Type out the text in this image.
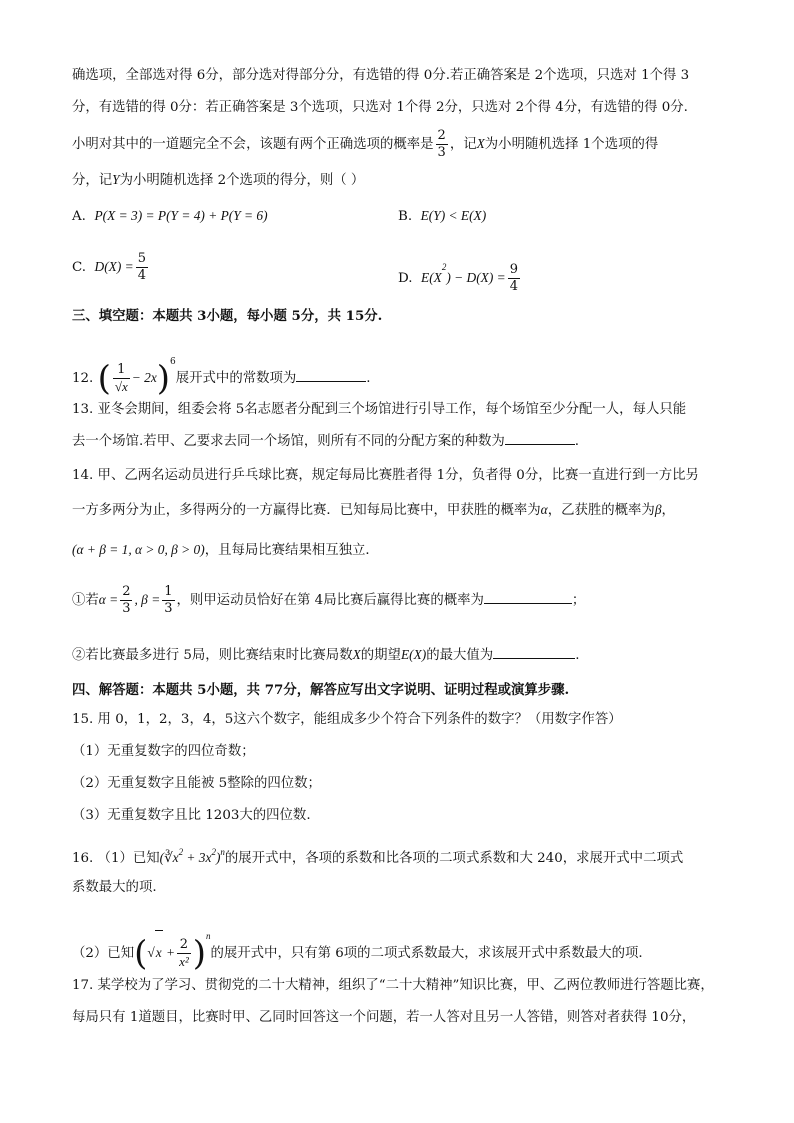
确选项，全部选对得 6分，部分选对得部分分，有选错的得 0分.若正确答案是 2个选项，只选对 1个得 3
分，有选错的得 0分：若正确答案是 3个选项，只选对 1个得 2分，只选对 2个得 4分，有选错的得 0分.
小明对其中的一道题完全不会，该题有两个正确选项的概率是 $\frac{2}{3}$ ，记X为小明随机选择 1个选项的得
分，记Y为小明随机选择 2个选项的得分，则（ ）
A. P(X = 3) = P(Y = 4) + P(Y = 6)	B. E(Y) < E(X)
C. $D(X) = \frac{5}{4}$	D. $E(X^2) - D(X) = \frac{9}{4}$
三、填空题：本题共 3小题，每小题 5分，共 15分.
12. ( $\frac{1}{√x} - 2x)^6$展开式中的常数项为	.
13. 亚冬会期间，组委会将 5名志愿者分配到三个场馆进行引导工作，每个场馆至少分配一人，每人只能
去一个场馆.若甲、乙要求去同一个场馆，则所有不同的分配方案的种数为	.
14. 甲、乙两名运动员进行乒乓球比赛，规定每局比赛胜者得 1分，负者得 0分，比赛一直进行到一方比另
一方多两分为止，多得两分的一方赢得比赛．已知每局比赛中，甲获胜的概率为α，乙获胜的概率为β，
(α + β = 1, α > 0, β > 0)，且每局比赛结果相互独立．
①若$\alpha = \frac{2}{3}$ , $\beta = \frac{1}{3}$ ，则甲运动员恰好在第 4局比赛后赢得比赛的概率为	；
②若比赛最多进行 5局，则比赛结束时比赛局数X的期望E(X)的最大值为	.
四、解答题：本题共 5小题，共 77分，解答应写出文字说明、证明过程或演算步骤.
15. 用 0，1，2，3，4，5这六个数字，能组成多少个符合下列条件的数字？（用数字作答）
（1）无重复数字的四位奇数；
（2）无重复数字且能被 5整除的四位数；
（3）无重复数字且比 1203大的四位数.
16. （1）已知$(∛x^2 + 3x^2)^n$的展开式中，各项的系数和比各项的二项式系数和大 240，求展开式中二项式
系数最大的项.
（2）已知$(√x + \frac{2}{\text{x²}} )^n$的展开式中，只有第 6项的二项式系数最大，求该展开式中系数最大的项.
17. 某学校为了学习、贯彻党的二十大精神，组织了“二十大精神”知识比赛，甲、乙两位教师进行答题比赛，
每局只有 1道题目，比赛时甲、乙同时回答这一个问题，若一人答对且另一人答错，则答对者获得 10分，
